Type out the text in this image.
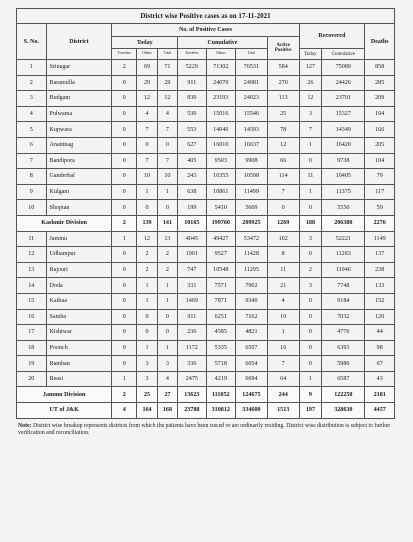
District wise Positive cases as on 17-11-2021											
S. No.	District	No. of Positive Cases							Recovered		Deaths
		Today			Cumulative			Active Positive			
		Travelers	Others	Total	Travelers	Others	Total		Today	Cumulative	
1	Srinagar	2	69	71	5229	71302	76531	584	127	75089	858
2	Baramulla	0	29	29	911	24070	24981	270	26	24426	285
3	Budgam	0	12	12	830	23193	24023	113	12	23701	209
4	Pulwama	0	4	4	530	15016	15546	25	3	15327	194
5	Kupwara	0	7	7	553	14040	14593	78	7	14349	166
6	Anantnag	0	0	0	627	16010	16637	12	1	16420	205
7	Bandipora	0	7	7	405	9503	9908	66	0	9738	104
8	Ganderbal	0	10	10	243	10355	10598	114	11	10405	79
9	Kulgam	0	1	1	638	10861	11499	7	1	11375	117
10	Shopian	0	0	0	199	5410	5609	0	0	5550	59
Kashmir Division		2	139	141	10165	199760	209925	1269	188	206380	2276
11	Jammu	1	12	13	4045	49427	53472	102	3	52221	1149
12	Udhampur	0	2	2	1901	9527	11428	8	0	11283	137
13	Rajouri	0	2	2	747	10548	11295	11	2	11046	238
14	Doda	0	1	1	331	7571	7902	21	3	7748	133
15	Kathua	0	1	1	1469	7871	9340	4	0	9184	152
16	Samba	0	0	0	911	6251	7162	10	0	7032	120
17	Kishtwar	0	0	0	236	4585	4821	1	0	4776	44
18	Poonch	0	1	1	1172	5335	6507	16	0	6393	98
19	Ramban	0	3	3	336	5718	6054	7	0	5980	67
20	Reasi	1	3	4	2475	4219	6694	64	1	6587	43
Jammu Division		2	25	27	13623	111052	124675	244	9	122250	2181
UT of J&K		4	164	168	23788	310812	334600	1513	197	328630	4457
Note: District wise breakup represents districts from which the patients have been traced or are ordinarily residing. District wise distribution is subject to further verification and reconciliation.
